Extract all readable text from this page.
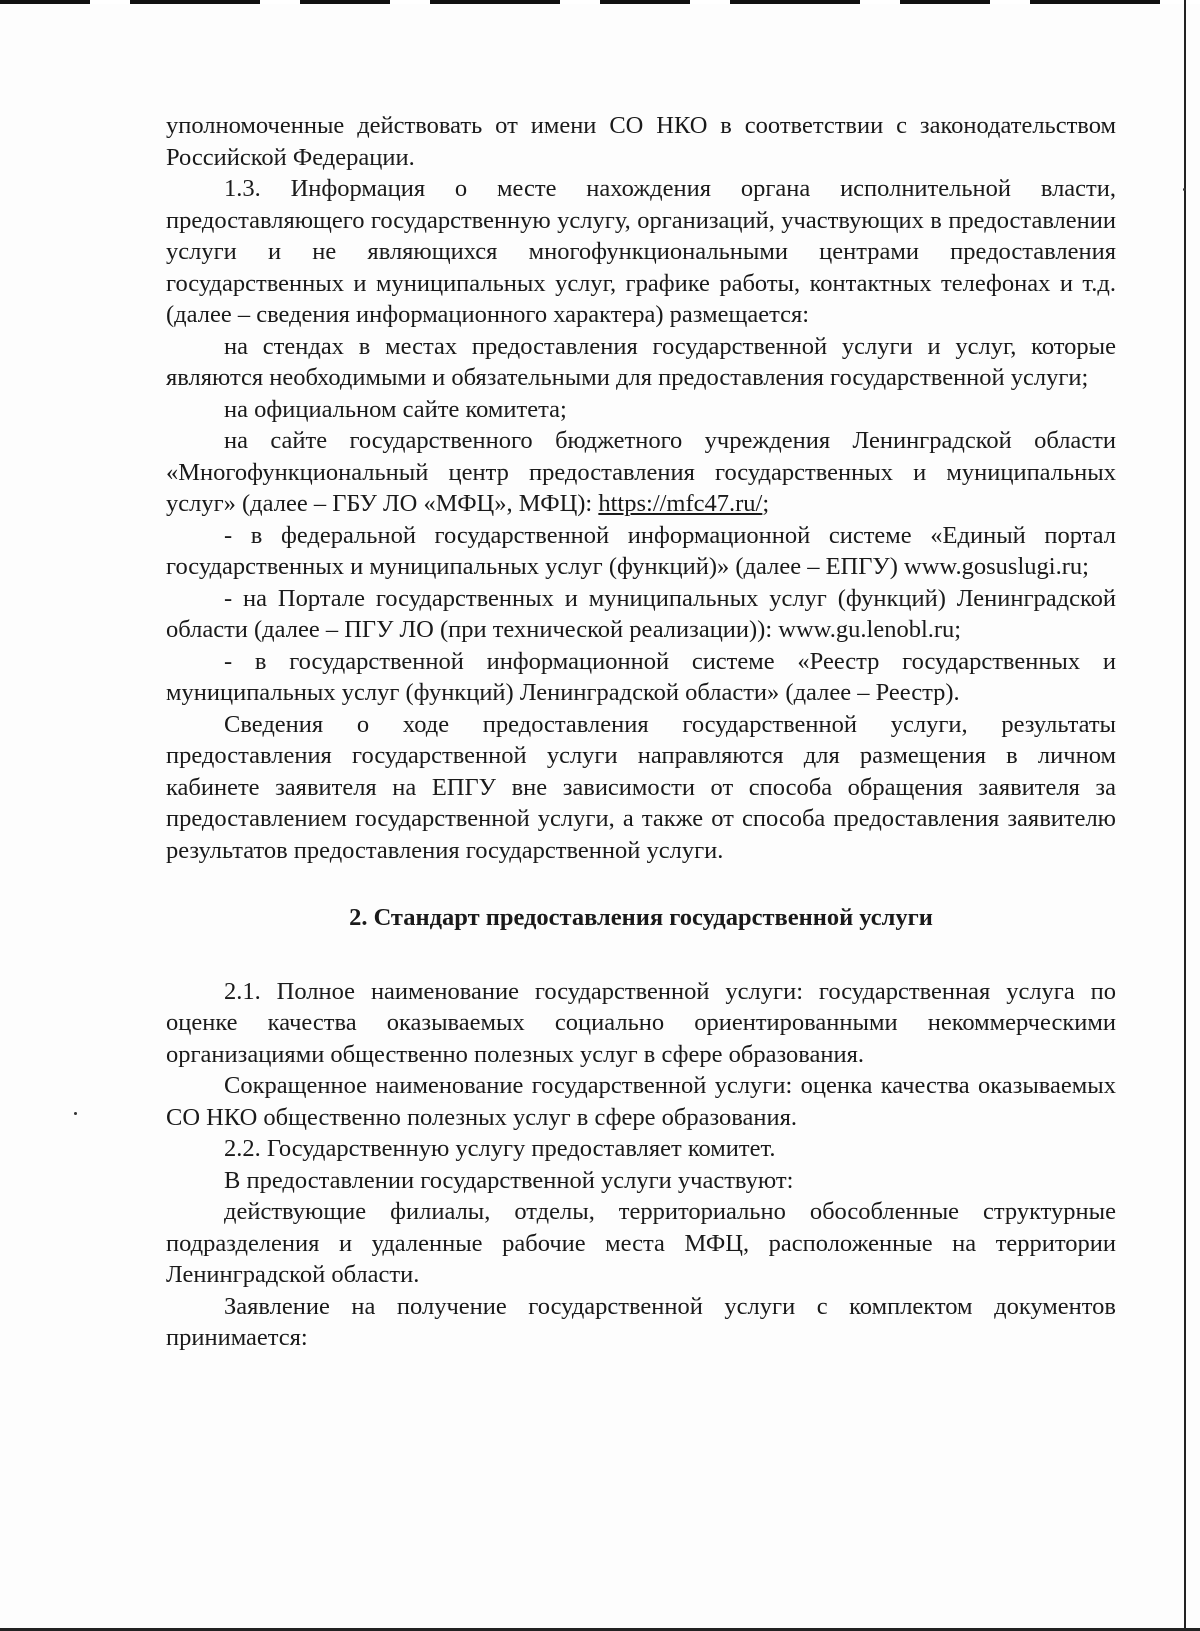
уполномоченные действовать от имени СО НКО в соответствии с законодательством Российской Федерации.

1.3. Информация о месте нахождения органа исполнительной власти, предоставляющего государственную услугу, организаций, участвующих в предоставлении услуги и не являющихся многофункциональными центрами предоставления государственных и муниципальных услуг, графике работы, контактных телефонах и т.д. (далее – сведения информационного характера) размещается:

на стендах в местах предоставления государственной услуги и услуг, которые являются необходимыми и обязательными для предоставления государственной услуги;

на официальном сайте комитета;

на сайте государственного бюджетного учреждения Ленинградской области «Многофункциональный центр предоставления государственных и муниципальных услуг» (далее – ГБУ ЛО «МФЦ», МФЦ): https://mfc47.ru/;

- в федеральной государственной информационной системе «Единый портал государственных и муниципальных услуг (функций)» (далее – ЕПГУ) www.gosuslugi.ru;

- на Портале государственных и муниципальных услуг (функций) Ленинградской области (далее – ПГУ ЛО (при технической реализации)): www.gu.lenobl.ru;

- в государственной информационной системе «Реестр государственных и муниципальных услуг (функций) Ленинградской области» (далее – Реестр).

Сведения о ходе предоставления государственной услуги, результаты предоставления государственной услуги направляются для размещения в личном кабинете заявителя на ЕПГУ вне зависимости от способа обращения заявителя за предоставлением государственной услуги, а также от способа предоставления заявителю результатов предоставления государственной услуги.

2. Стандарт предоставления государственной услуги

2.1. Полное наименование государственной услуги: государственная услуга по оценке качества оказываемых социально ориентированными некоммерческими организациями общественно полезных услуг в сфере образования.

Сокращенное наименование государственной услуги: оценка качества оказываемых СО НКО общественно полезных услуг в сфере образования.

2.2. Государственную услугу предоставляет комитет.

В предоставлении государственной услуги участвуют:

действующие филиалы, отделы, территориально обособленные структурные подразделения и удаленные рабочие места МФЦ, расположенные на территории Ленинградской области.

Заявление на получение государственной услуги с комплектом документов принимается:
